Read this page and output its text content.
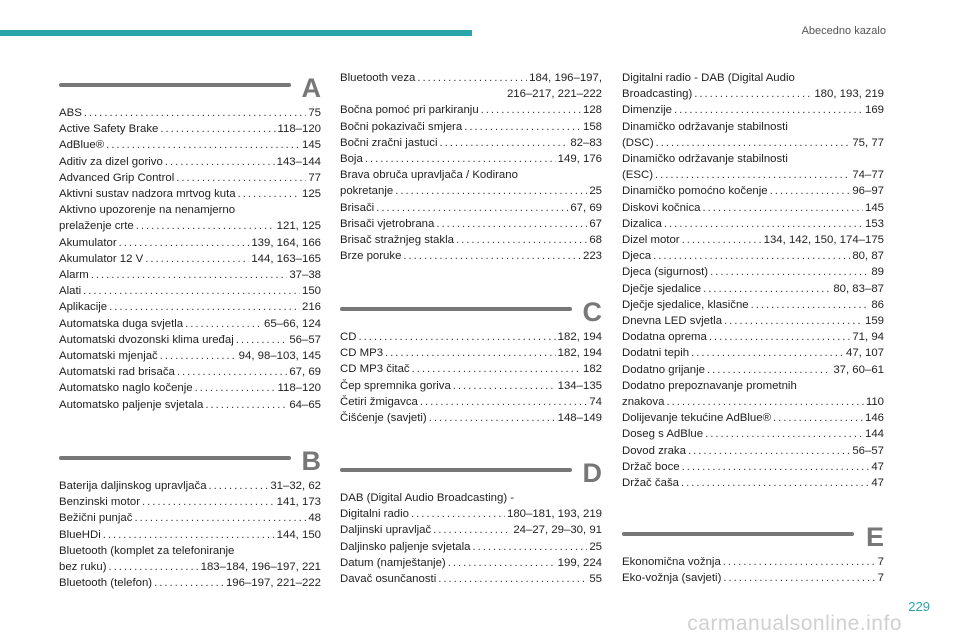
Abecedno kazalo
A
ABS . . .	75
Active Safety Brake . . .	118–120
AdBlue® . . .	145
Aditiv za dizel gorivo . . .	143–144
Advanced Grip Control . . .	77
Aktivni sustav nadzora mrtvog kuta . . .	125
Aktivno upozorenje na nenamjerno
prelaženje crte . . .	121, 125
Akumulator . . .	139, 164, 166
Akumulator 12 V . . .	144, 163–165
Alarm . . .	37–38
Alati . . .	150
Aplikacije . . .	216
Automatska duga svjetla . . .	65–66, 124
Automatski dvozonski klima uređaj . . .	56–57
Automatski mjenjač . . .	94, 98–103, 145
Automatski rad brisača . . .	67, 69
Automatsko naglo kočenje . . .	118–120
Automatsko paljenje svjetala . . .	64–65
B
Baterija daljinskog upravljača . . .	31–32, 62
Benzinski motor . . .	141, 173
Bežični punjač . . .	48
BlueHDi . . .	144, 150
Bluetooth (komplet za telefoniranje
bez ruku) . . .	183–184, 196–197, 221
Bluetooth (telefon) . . .	196–197, 221–222
Bluetooth veza . . .	184, 196–197,
216–217, 221–222
Bočna pomoć pri parkiranju . . .	128
Bočni pokazivači smjera . . .	158
Bočni zračni jastuci . . .	82–83
Boja . . .	149, 176
Brava obruča upravljača / Kodirano
pokretanje . . .	25
Brisači . . .	67, 69
Brisači vjetrobrana . . .	67
Brisač stražnjeg stakla . . .	68
Brze poruke . . .	223
C
CD . . .	182, 194
CD MP3 . . .	182, 194
CD MP3 čitač . . .	182
Čep spremnika goriva . . .	134–135
Četiri žmigavca . . .	74
Čišćenje (savjeti) . . .	148–149
D
DAB (Digital Audio Broadcasting) -
Digitalni radio . . .	180–181, 193, 219
Daljinski upravljač . . .	24–27, 29–30, 91
Daljinsko paljenje svjetala . . .	25
Datum (namještanje) . . .	199, 224
Davač osunčanosti . . .	55
Digitalni radio - DAB (Digital Audio
Broadcasting) . . .	180, 193, 219
Dimenzije . . .	169
Dinamičko održavanje stabilnosti
(DSC) . . .	75, 77
Dinamičko održavanje stabilnosti
(ESC) . . .	74–77
Dinamičko pomoćno kočenje . . .	96–97
Diskovi kočnica . . .	145
Dizalica . . .	153
Dizel motor . . .	134, 142, 150, 174–175
Djeca . . .	80, 87
Djeca (sigurnost) . . .	89
Dječje sjedalice . . .	80, 83–87
Dječje sjedalice, klasične . . .	86
Dnevna LED svjetla . . .	159
Dodatna oprema . . .	71, 94
Dodatni tepih . . .	47, 107
Dodatno grijanje . . .	37, 60–61
Dodatno prepoznavanje prometnih
znakova . . .	110
Dolijevanje tekućine AdBlue® . . .	146
Doseg s AdBlue . . .	144
Dovod zraka . . .	56–57
Držač boce . . .	47
Držač čaša . . .	47
E
Ekonomična vožnja . . .	7
Eko-vožnja (savjeti) . . .	7
carmanualsonline.info
229
